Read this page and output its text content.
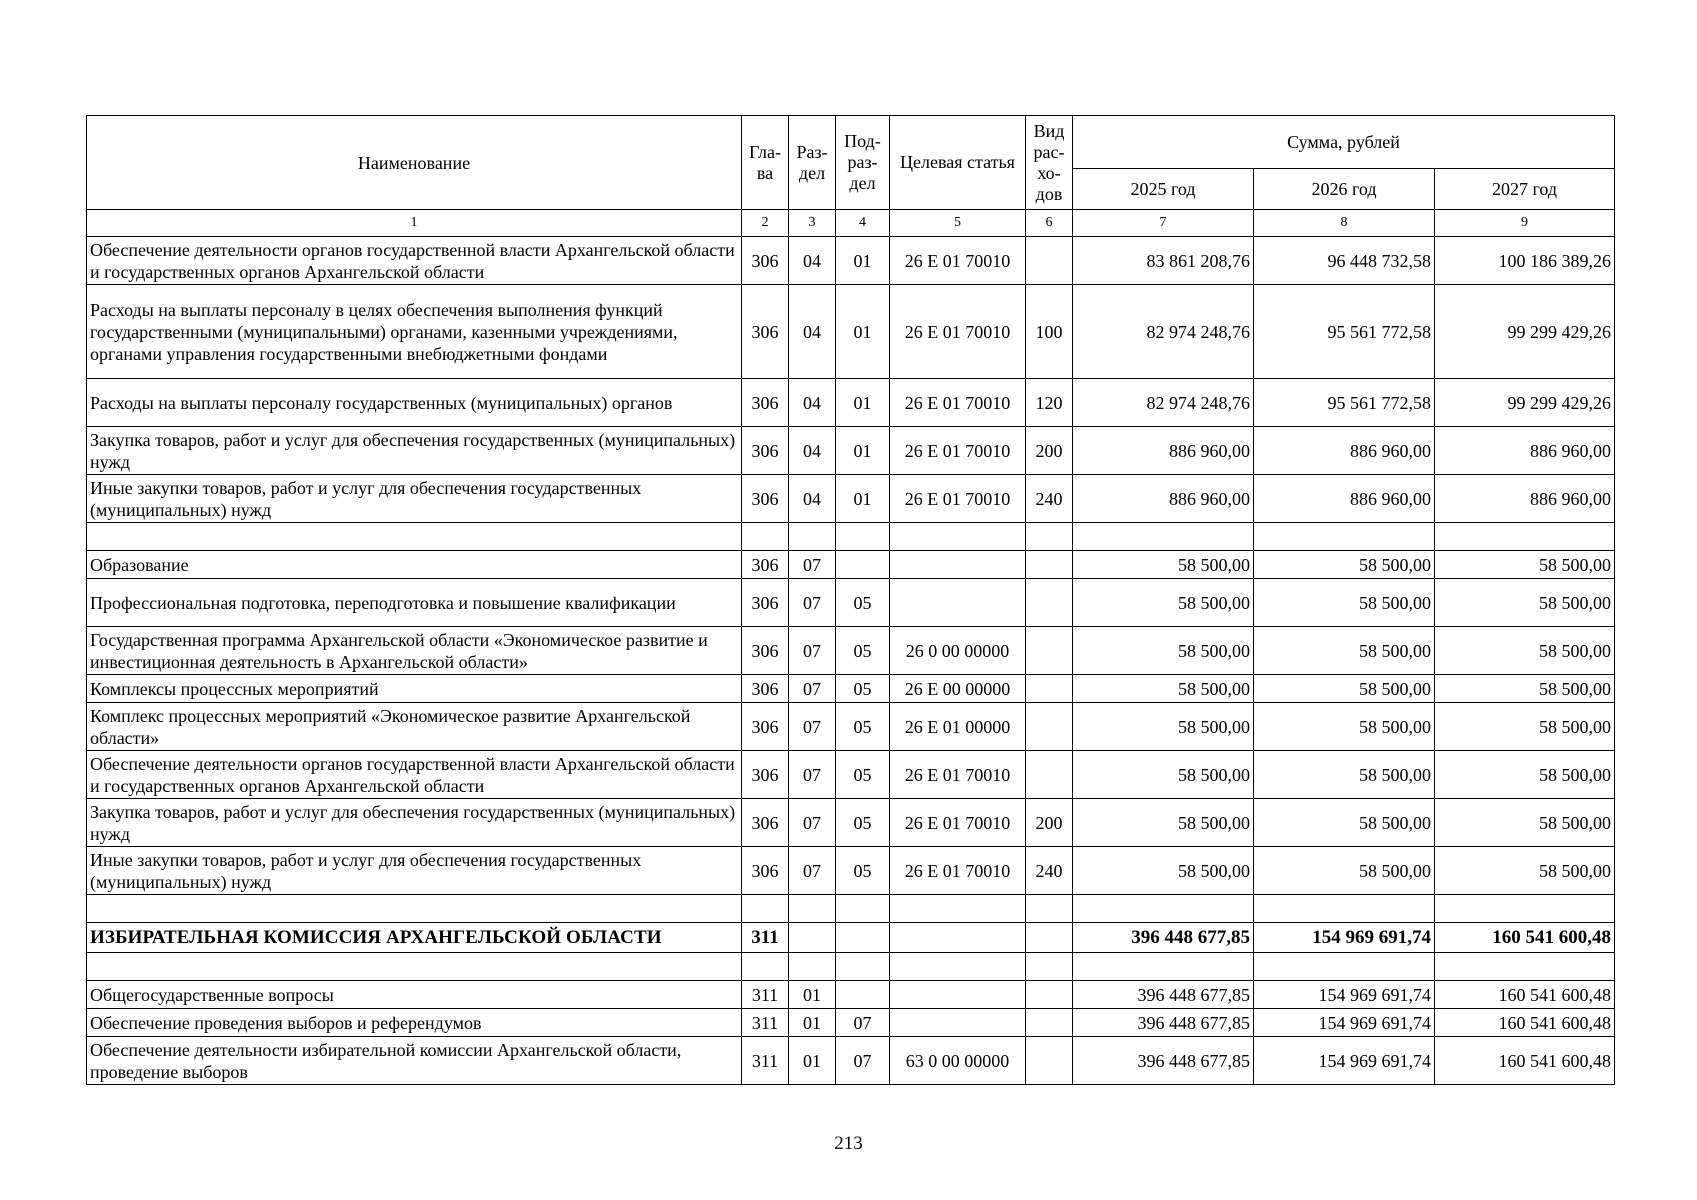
Наименование	Гла-ва	Раз-дел	Под-раз-дел	Целевая статья	Вид рас-хо-дов	Сумма, рублей		
						2025 год	2026 год	2027 год
1	2	3	4	5	6	7	8	9
Обеспечение деятельности органов государственной власти Архангельской области и государственных органов Архангельской области	306	04	01	26 Е 01 70010		83 861 208,76	96 448 732,58	100 186 389,26
Расходы на выплаты персоналу в целях обеспечения выполнения функций государственными (муниципальными) органами, казенными учреждениями, органами управления государственными внебюджетными фондами	306	04	01	26 Е 01 70010	100	82 974 248,76	95 561 772,58	99 299 429,26
Расходы на выплаты персоналу государственных (муниципальных) органов	306	04	01	26 Е 01 70010	120	82 974 248,76	95 561 772,58	99 299 429,26
Закупка товаров, работ и услуг для обеспечения государственных (муниципальных) нужд	306	04	01	26 Е 01 70010	200	886 960,00	886 960,00	886 960,00
Иные закупки товаров, работ и услуг для обеспечения государственных (муниципальных) нужд	306	04	01	26 Е 01 70010	240	886 960,00	886 960,00	886 960,00

Образование	306	07				58 500,00	58 500,00	58 500,00
Профессиональная подготовка, переподготовка и повышение квалификации	306	07	05			58 500,00	58 500,00	58 500,00
Государственная программа Архангельской области «Экономическое развитие и инвестиционная деятельность в Архангельской области»	306	07	05	26 0 00 00000		58 500,00	58 500,00	58 500,00
Комплексы процессных мероприятий	306	07	05	26 Е 00 00000		58 500,00	58 500,00	58 500,00
Комплекс процессных мероприятий «Экономическое развитие Архангельской области»	306	07	05	26 Е 01 00000		58 500,00	58 500,00	58 500,00
Обеспечение деятельности органов государственной власти Архангельской области и государственных органов Архангельской области	306	07	05	26 Е 01 70010		58 500,00	58 500,00	58 500,00
Закупка товаров, работ и услуг для обеспечения государственных (муниципальных) нужд	306	07	05	26 Е 01 70010	200	58 500,00	58 500,00	58 500,00
Иные закупки товаров, работ и услуг для обеспечения государственных (муниципальных) нужд	306	07	05	26 Е 01 70010	240	58 500,00	58 500,00	58 500,00

ИЗБИРАТЕЛЬНАЯ КОМИССИЯ АРХАНГЕЛЬСКОЙ ОБЛАСТИ	311					396 448 677,85	154 969 691,74	160 541 600,48

Общегосударственные вопросы	311	01				396 448 677,85	154 969 691,74	160 541 600,48
Обеспечение проведения выборов и референдумов	311	01	07			396 448 677,85	154 969 691,74	160 541 600,48
Обеспечение деятельности избирательной комиссии Архангельской области, проведение выборов	311	01	07	63 0 00 00000		396 448 677,85	154 969 691,74	160 541 600,48
213
